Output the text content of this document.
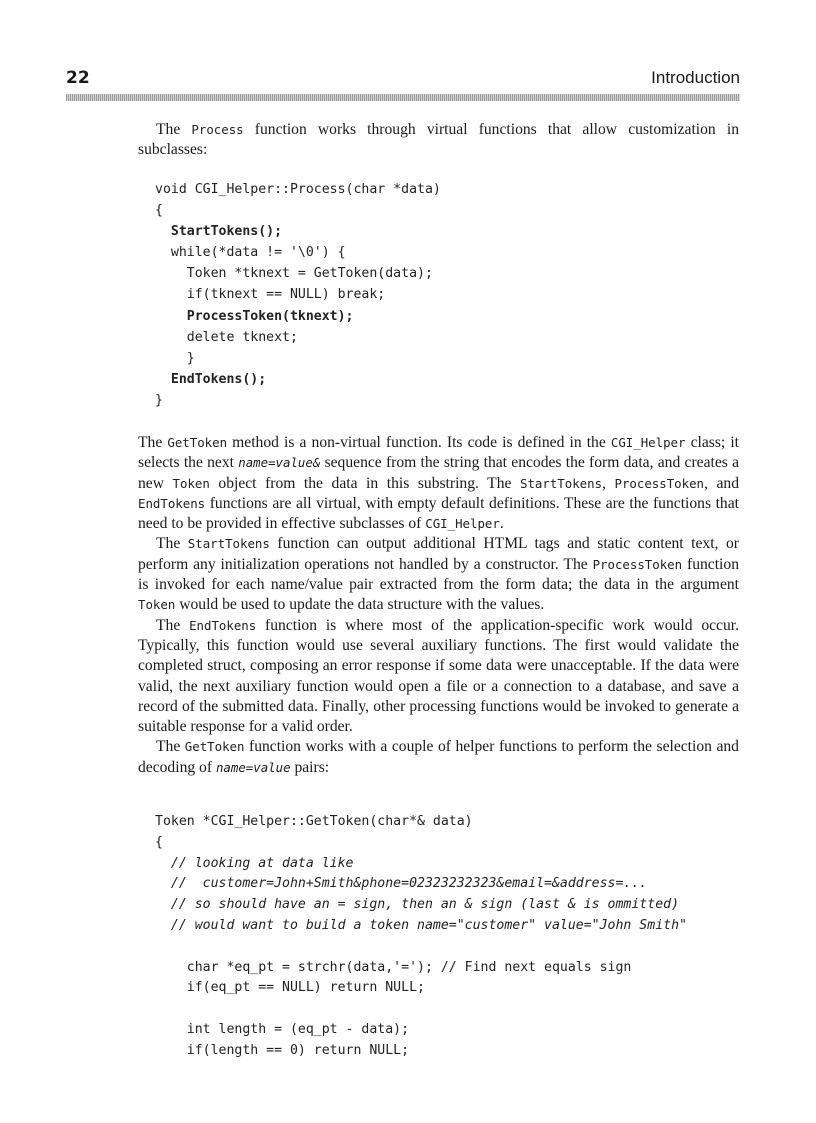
22	Introduction

The Process function works through virtual functions that allow customization in subclasses:

void CGI_Helper::Process(char *data)
{
StartTokens();
while(*data != '\0') {
Token *tknext = GetToken(data);
if(tknext == NULL) break;
ProcessToken(tknext);
delete tknext;
}
EndTokens();
}

The GetToken method is a non-virtual function. Its code is defined in the CGI_Helper class; it selects the next name=value& sequence from the string that encodes the form data, and creates a new Token object from the data in this substring. The StartTokens, ProcessToken, and EndTokens functions are all virtual, with empty default definitions. These are the functions that need to be provided in effective subclasses of CGI_Helper.

The StartTokens function can output additional HTML tags and static content text, or perform any initialization operations not handled by a constructor. The ProcessToken function is invoked for each name/value pair extracted from the form data; the data in the argument Token would be used to update the data structure with the values.

The EndTokens function is where most of the application-specific work would occur. Typically, this function would use several auxiliary functions. The first would validate the completed struct, composing an error response if some data were unacceptable. If the data were valid, the next auxiliary function would open a file or a connection to a database, and save a record of the submitted data. Finally, other processing functions would be invoked to generate a suitable response for a valid order.

The GetToken function works with a couple of helper functions to perform the selection and decoding of name=value pairs:

Token *CGI_Helper::GetToken(char*& data)
{
// looking at data like
//  customer=John+Smith&phone=02323232323&email=&address=...
// so should have an = sign, then an & sign (last & is ommitted)
// would want to build a token name="customer" value="John Smith"
char *eq_pt = strchr(data,'='); // Find next equals sign
if(eq_pt == NULL) return NULL;
int length = (eq_pt - data);
if(length == 0) return NULL;
